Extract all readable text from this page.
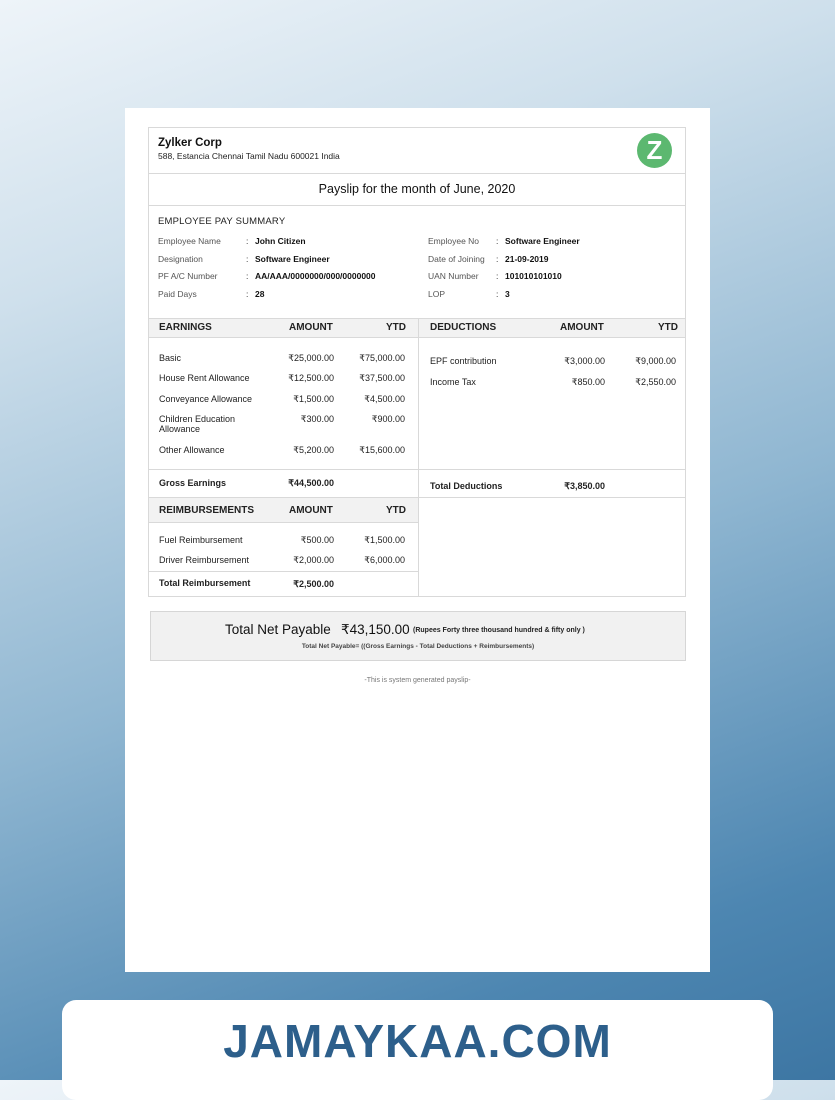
Zylker Corp
588, Estancia Chennai Tamil Nadu 600021 India	Z
Payslip for the month of June, 2020
EMPLOYEE PAY SUMMARY
Employee Name	: John Citizen
Designation	: Software Engineer
PF A/C Number	: AA/AAA/0000000/000/0000000
Paid Days	: 28
Employee No : Software Engineer
Date of Joining : 21-09-2019
UAN Number : 101010101010
LOP	: 3
EARNINGS	AMOUNT	YTD DEDUCTIONS	AMOUNT	YTD
Basic	₹25,000.00	₹75,000.00
House Rent Allowance	₹12,500.00	₹37,500.00
Conveyance Allowance	₹1,500.00	₹4,500.00
Children Education Allowance
₹300.00	₹900.00
Other Allowance	₹5,200.00	₹15,600.00
EPF contribution	₹3,000.00	₹9,000.00
Income Tax	₹850.00	₹2,550.00
Gross Earnings	₹44,500.00	Total Deductions	₹3,850.00
REIMBURSEMENTS	AMOUNT	YTD
Fuel Reimbursement	₹500.00	₹1,500.00
Driver Reimbursement	₹2,000.00	₹6,000.00
Total Reimbursement	₹2,500.00
Total Net Payable ₹43,150.00 (Rupees Forty three thousand hundred & fifty only )
Total Net Payable= ((Gross Earnings - Total Deductions + Reimbursements)
-This is system generated payslip-
JAMAYKAA.COM
